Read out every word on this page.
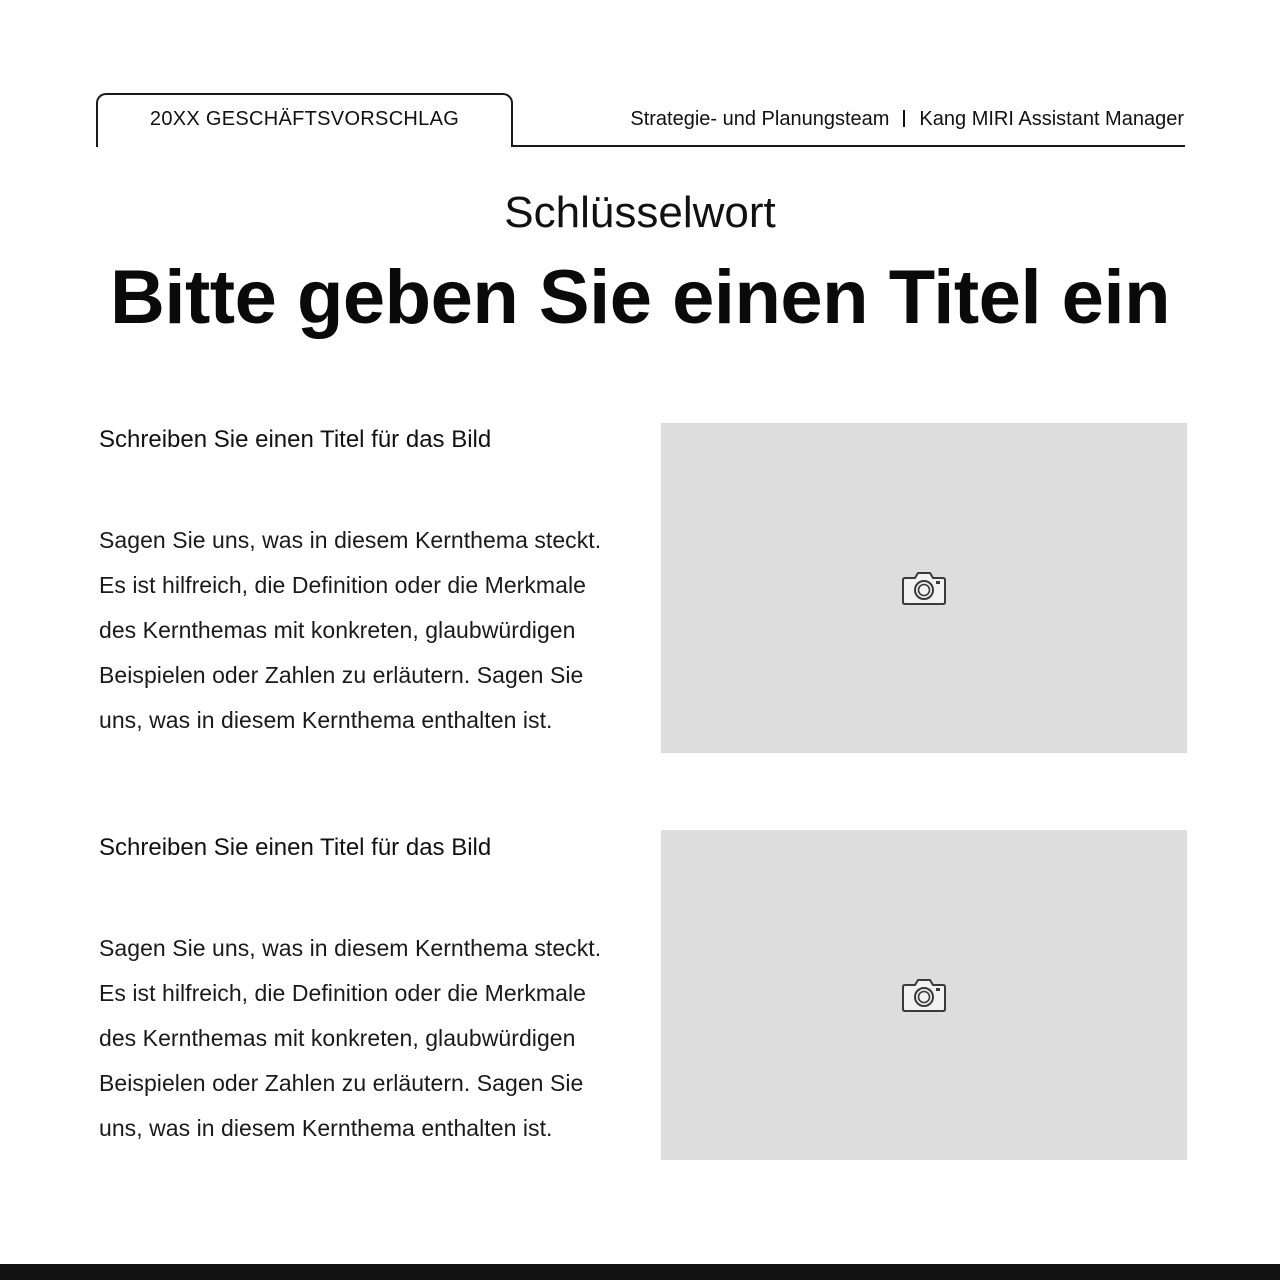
20XX GESCHÄFTSVORSCHLAG	Strategie- und Planungsteam Kang MIRI Assistant Manager
Schlüsselwort
Bitte geben Sie einen Titel ein
Schreiben Sie einen Titel für das Bild
Sagen Sie uns, was in diesem Kernthema steckt.
Es ist hilfreich, die Definition oder die Merkmale
des Kernthemas mit konkreten, glaubwürdigen
Beispielen oder Zahlen zu erläutern. Sagen Sie
uns, was in diesem Kernthema enthalten ist.
Schreiben Sie einen Titel für das Bild
Sagen Sie uns, was in diesem Kernthema steckt.
Es ist hilfreich, die Definition oder die Merkmale
des Kernthemas mit konkreten, glaubwürdigen
Beispielen oder Zahlen zu erläutern. Sagen Sie
uns, was in diesem Kernthema enthalten ist.
